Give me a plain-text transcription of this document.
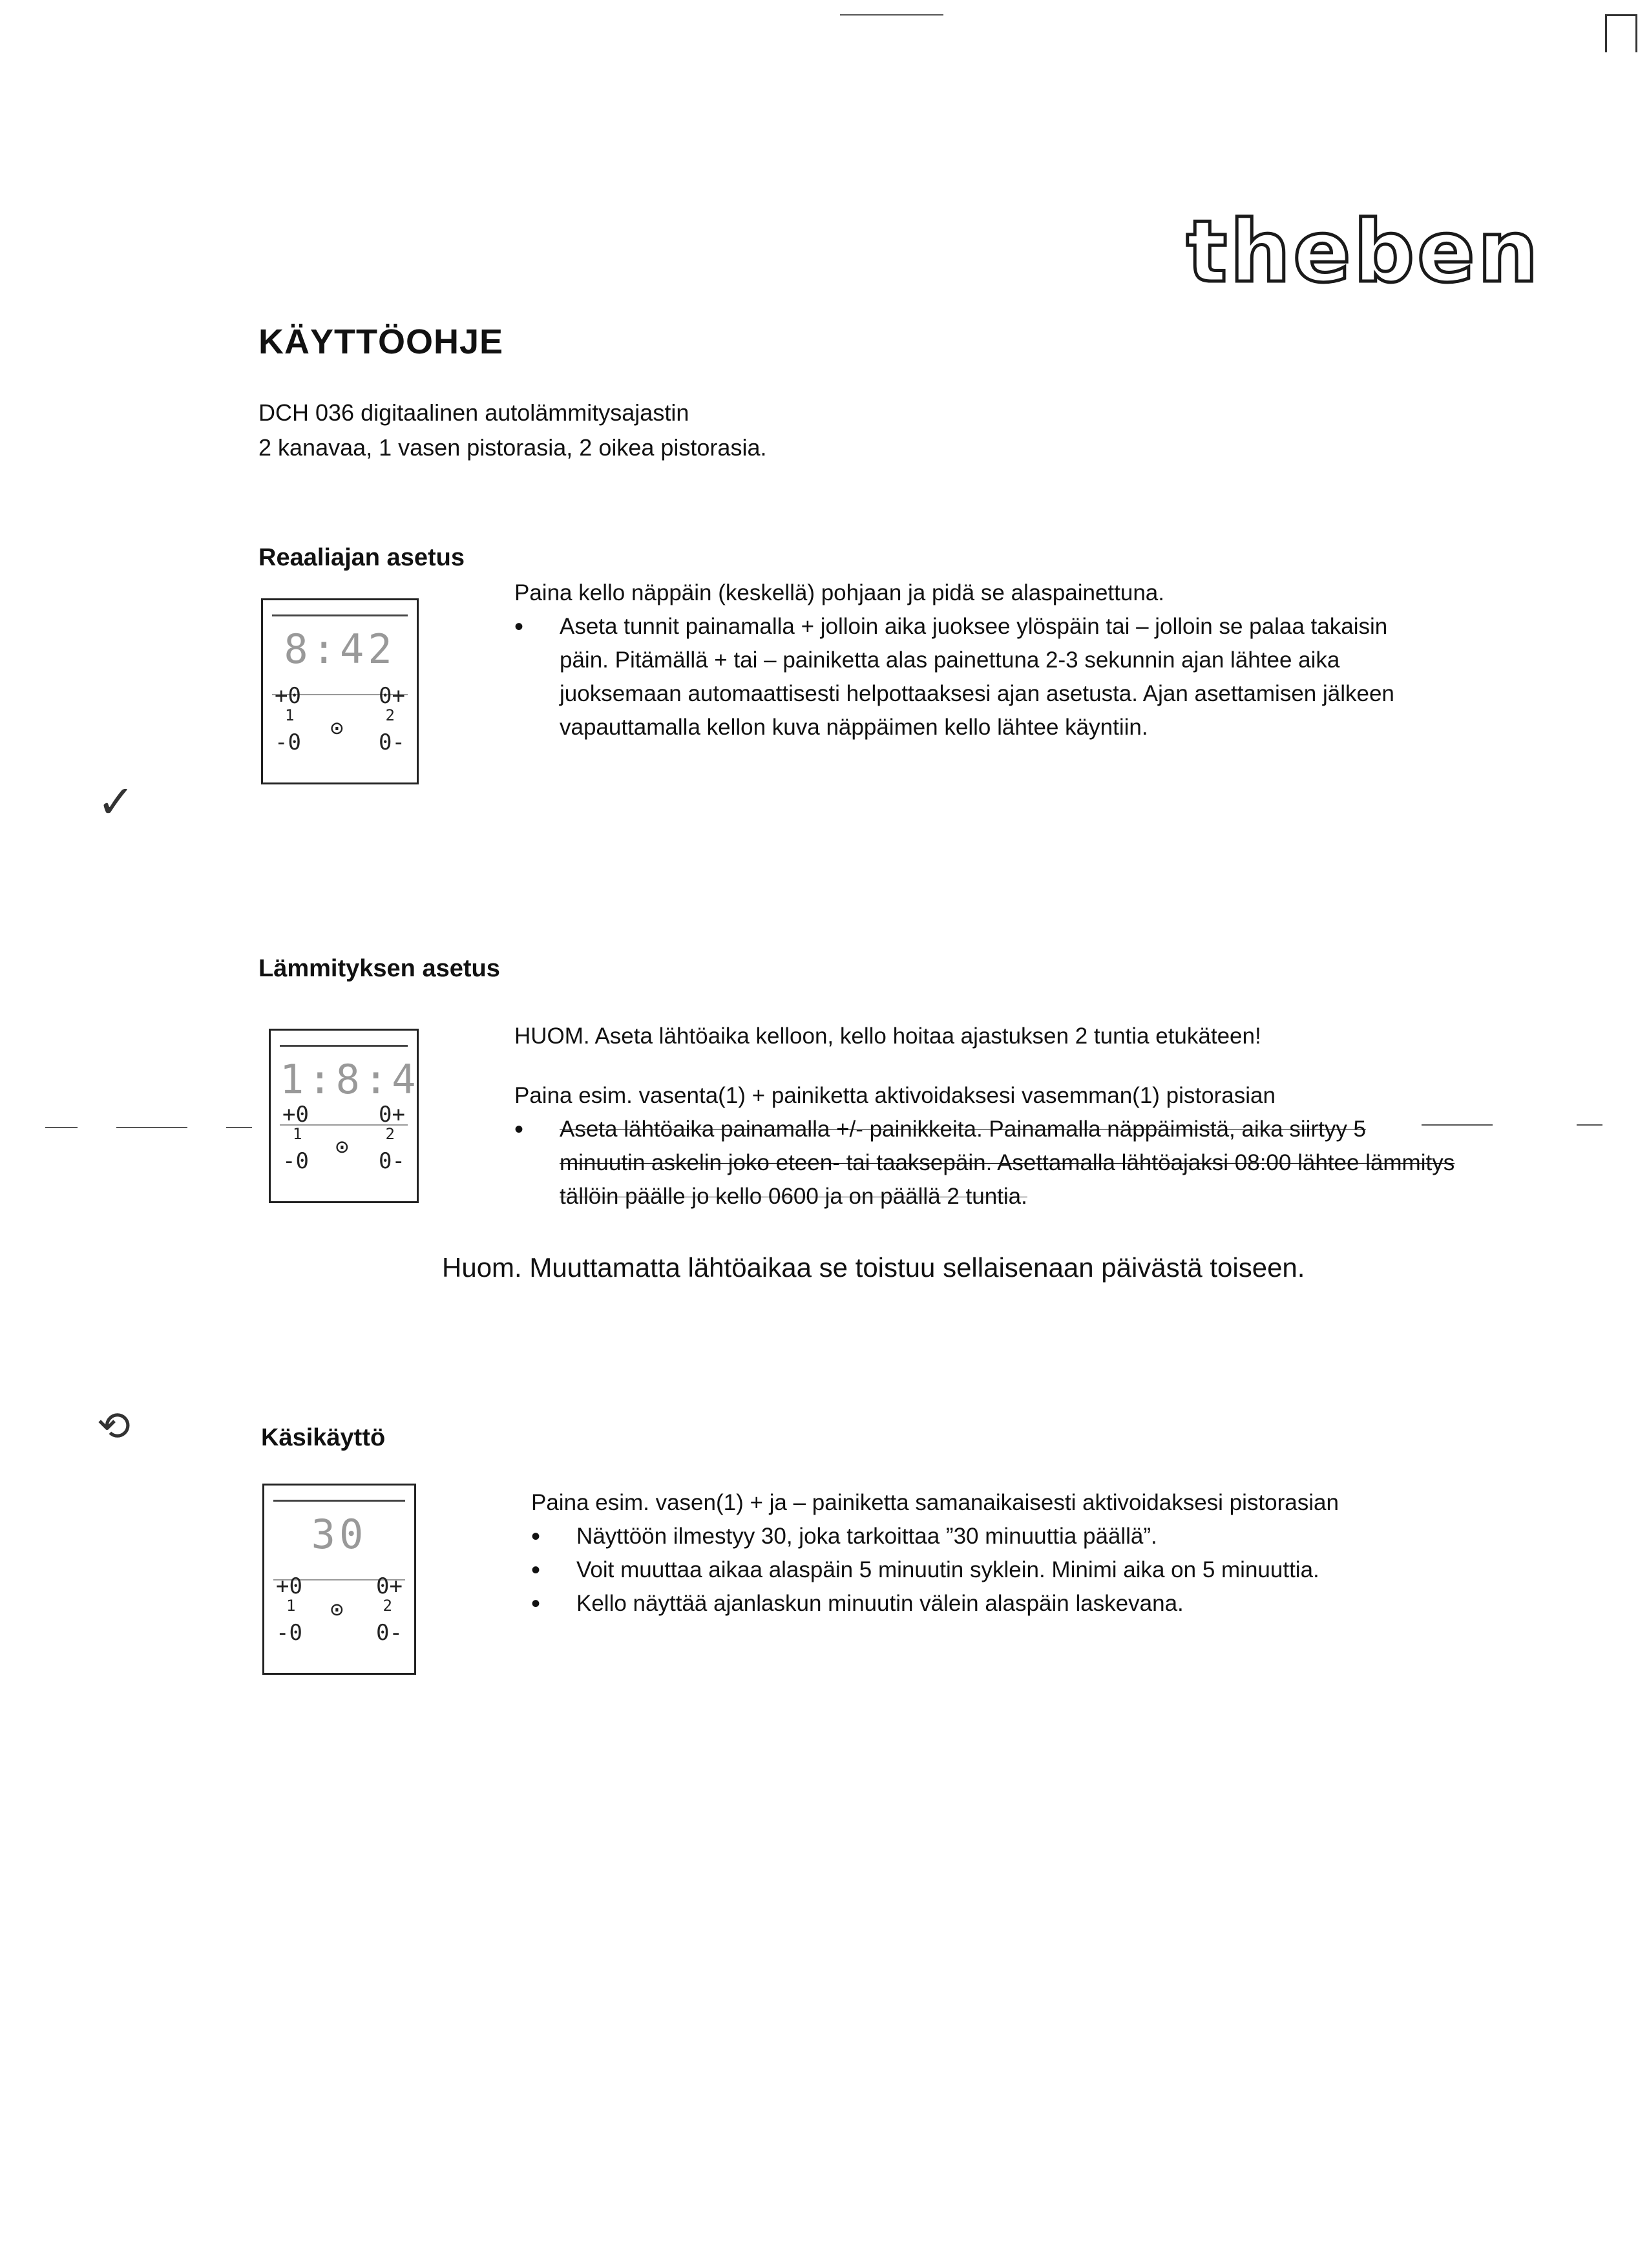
theben
KÄYTTÖOHJE
DCH 036 digitaalinen autolämmitysajastin
2 kanavaa, 1 vasen pistorasia, 2 oikea pistorasia.
Reaaliajan asetus
8:42
+0
1
-0
⊙
0+
2
0-
Paina kello näppäin (keskellä) pohjaan ja pidä se alaspainettuna.
• Aseta tunnit painamalla + jolloin aika juoksee ylöspäin tai – jolloin se palaa takaisin päin. Pitämällä + tai – painiketta alas painettuna 2-3 sekunnin ajan lähtee aika juoksemaan automaattisesti helpottaaksesi ajan asetusta. Ajan asettamisen jälkeen vapauttamalla kellon kuva näppäimen kello lähtee käyntiin.
✓
Lämmityksen asetus
1:8:4
+0
1
-0
⊙
0+
2
0-
HUOM. Aseta lähtöaika kelloon, kello hoitaa ajastuksen 2 tuntia etukäteen!
Paina esim. vasenta(1) + painiketta aktivoidaksesi vasemman(1) pistorasian
• Aseta lähtöaika painamalla +/- painikkeita. Painamalla näppäimistä, aika siirtyy 5 minuutin askelin joko eteen- tai taaksepäin. Asettamalla lähtöajaksi 08:00 lähtee lämmitys tällöin päälle jo kello 0600 ja on päällä 2 tuntia.
Huom. Muuttamatta lähtöaikaa se toistuu sellaisenaan päivästä toiseen.
⟲	Käsikäyttö
30
+0
1
-0
⊙
0+
2
0-
Paina esim. vasen(1) + ja – painiketta samanaikaisesti aktivoidaksesi pistorasian
• Näyttöön ilmestyy 30, joka tarkoittaa ”30 minuuttia päällä”.
• Voit muuttaa aikaa alaspäin 5 minuutin syklein. Minimi aika on 5 minuuttia.
• Kello näyttää ajanlaskun minuutin välein alaspäin laskevana.
